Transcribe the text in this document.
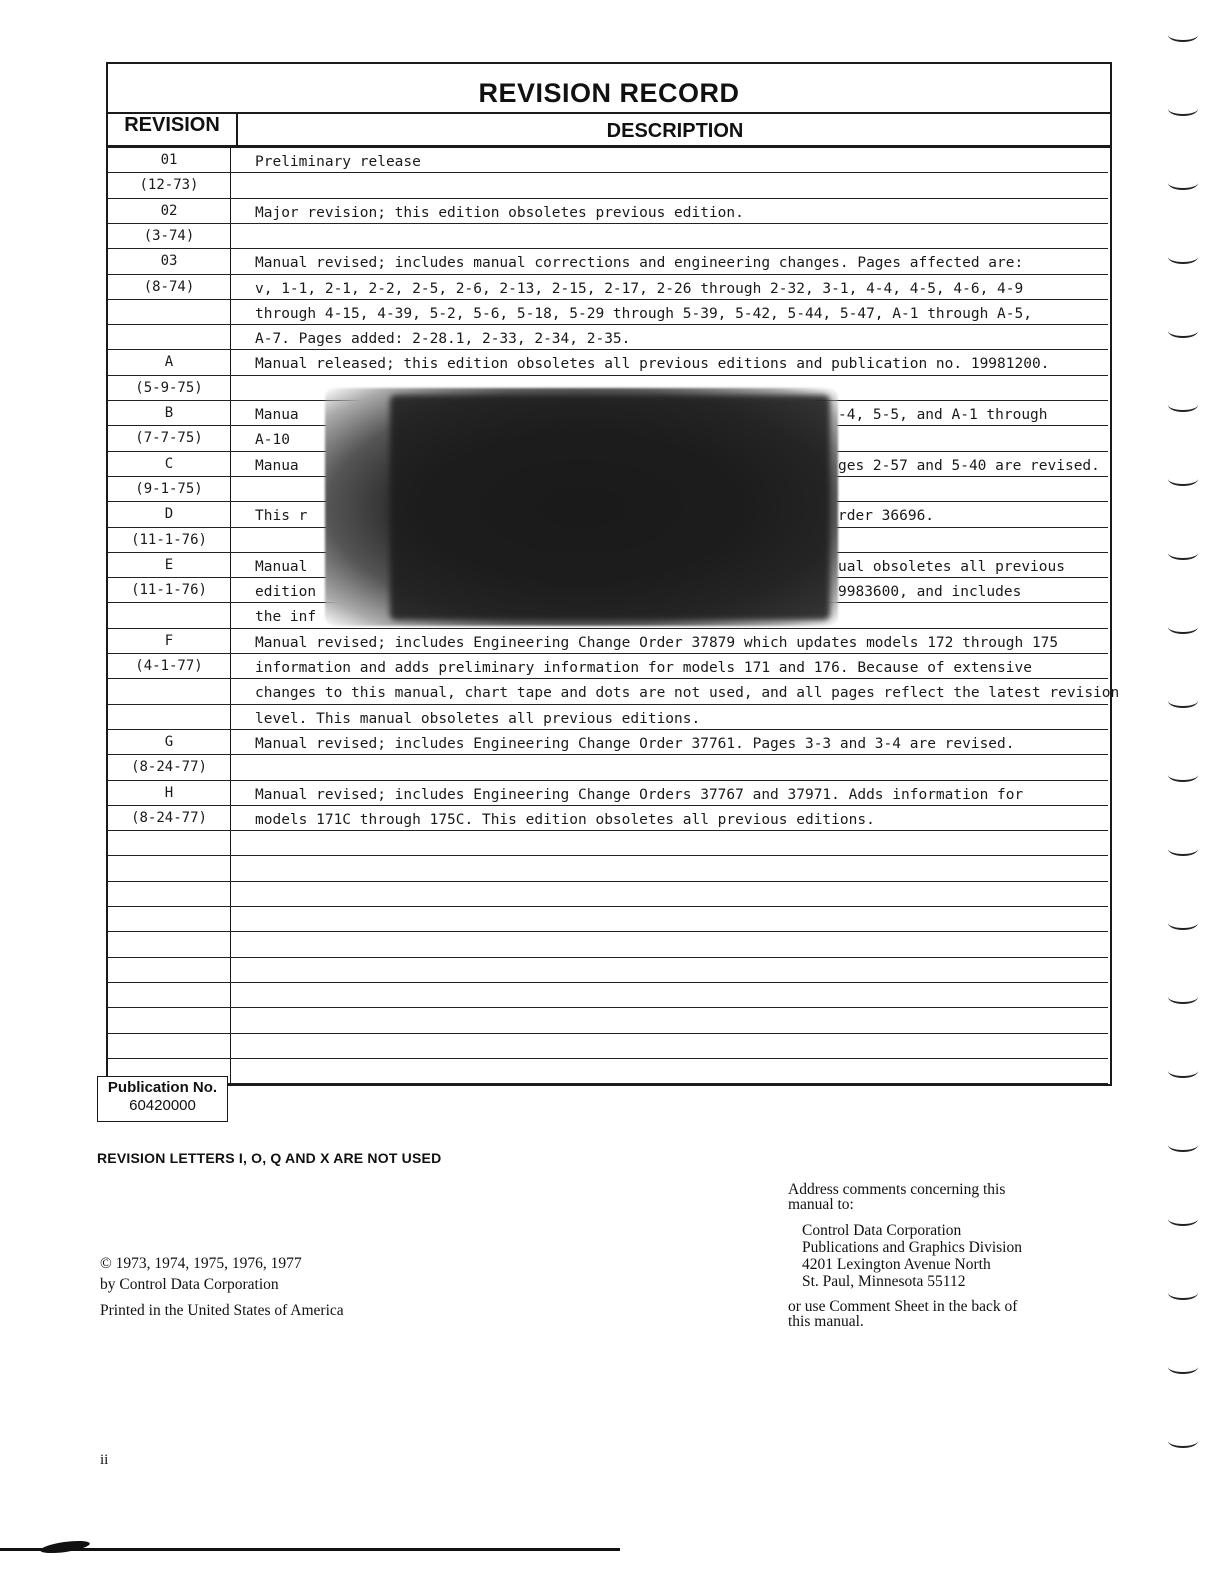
REVISION RECORD
REVISION	DESCRIPTION
01	Preliminary release
(12-73)
02	Major revision; this edition obsoletes previous edition.
(3-74)
03	Manual revised; includes manual corrections and engineering changes. Pages affected are:
(8-74)	v, 1-1, 2-1, 2-2, 2-5, 2-6, 2-13, 2-15, 2-17, 2-26 through 2-32, 3-1, 4-4, 4-5, 4-6, 4-9
through 4-15, 4-39, 5-2, 5-6, 5-18, 5-29 through 5-39, 5-42, 5-44, 5-47, A-1 through A-5,
A-7. Pages added: 2-28.1, 2-33, 2-34, 2-35.
A	Manual released; this edition obsoletes all previous editions and publication no. 19981200.
(5-9-75)
B	Manua	-4, 5-5, and A-1 through
(7-7-75)	A-10
C	Manua	ges 2-57 and 5-40 are revised.
(9-1-75)
D	This r	rder 36696.
(11-1-76)
E	Manual	ual obsoletes all previous
(11-1-76)	edition	9983600, and includes
the inf
F	Manual revised; includes Engineering Change Order 37879 which updates models 172 through 175
(4-1-77)	information and adds preliminary information for models 171 and 176. Because of extensive
changes to this manual, chart tape and dots are not used, and all pages reflect the latest revision
level. This manual obsoletes all previous editions.
G	Manual revised; includes Engineering Change Order 37761. Pages 3-3 and 3-4 are revised.
(8-24-77)
H	Manual revised; includes Engineering Change Orders 37767 and 37971. Adds information for
(8-24-77)	models 171C through 175C. This edition obsoletes all previous editions.
Publication No.
60420000
REVISION LETTERS I, O, Q AND X ARE NOT USED
© 1973, 1974, 1975, 1976, 1977
by Control Data Corporation
Printed in the United States of America
Address comments concerning this
manual to:
Control Data Corporation
Publications and Graphics Division
4201 Lexington Avenue North
St. Paul, Minnesota 55112
or use Comment Sheet in the back of
this manual.
ii
